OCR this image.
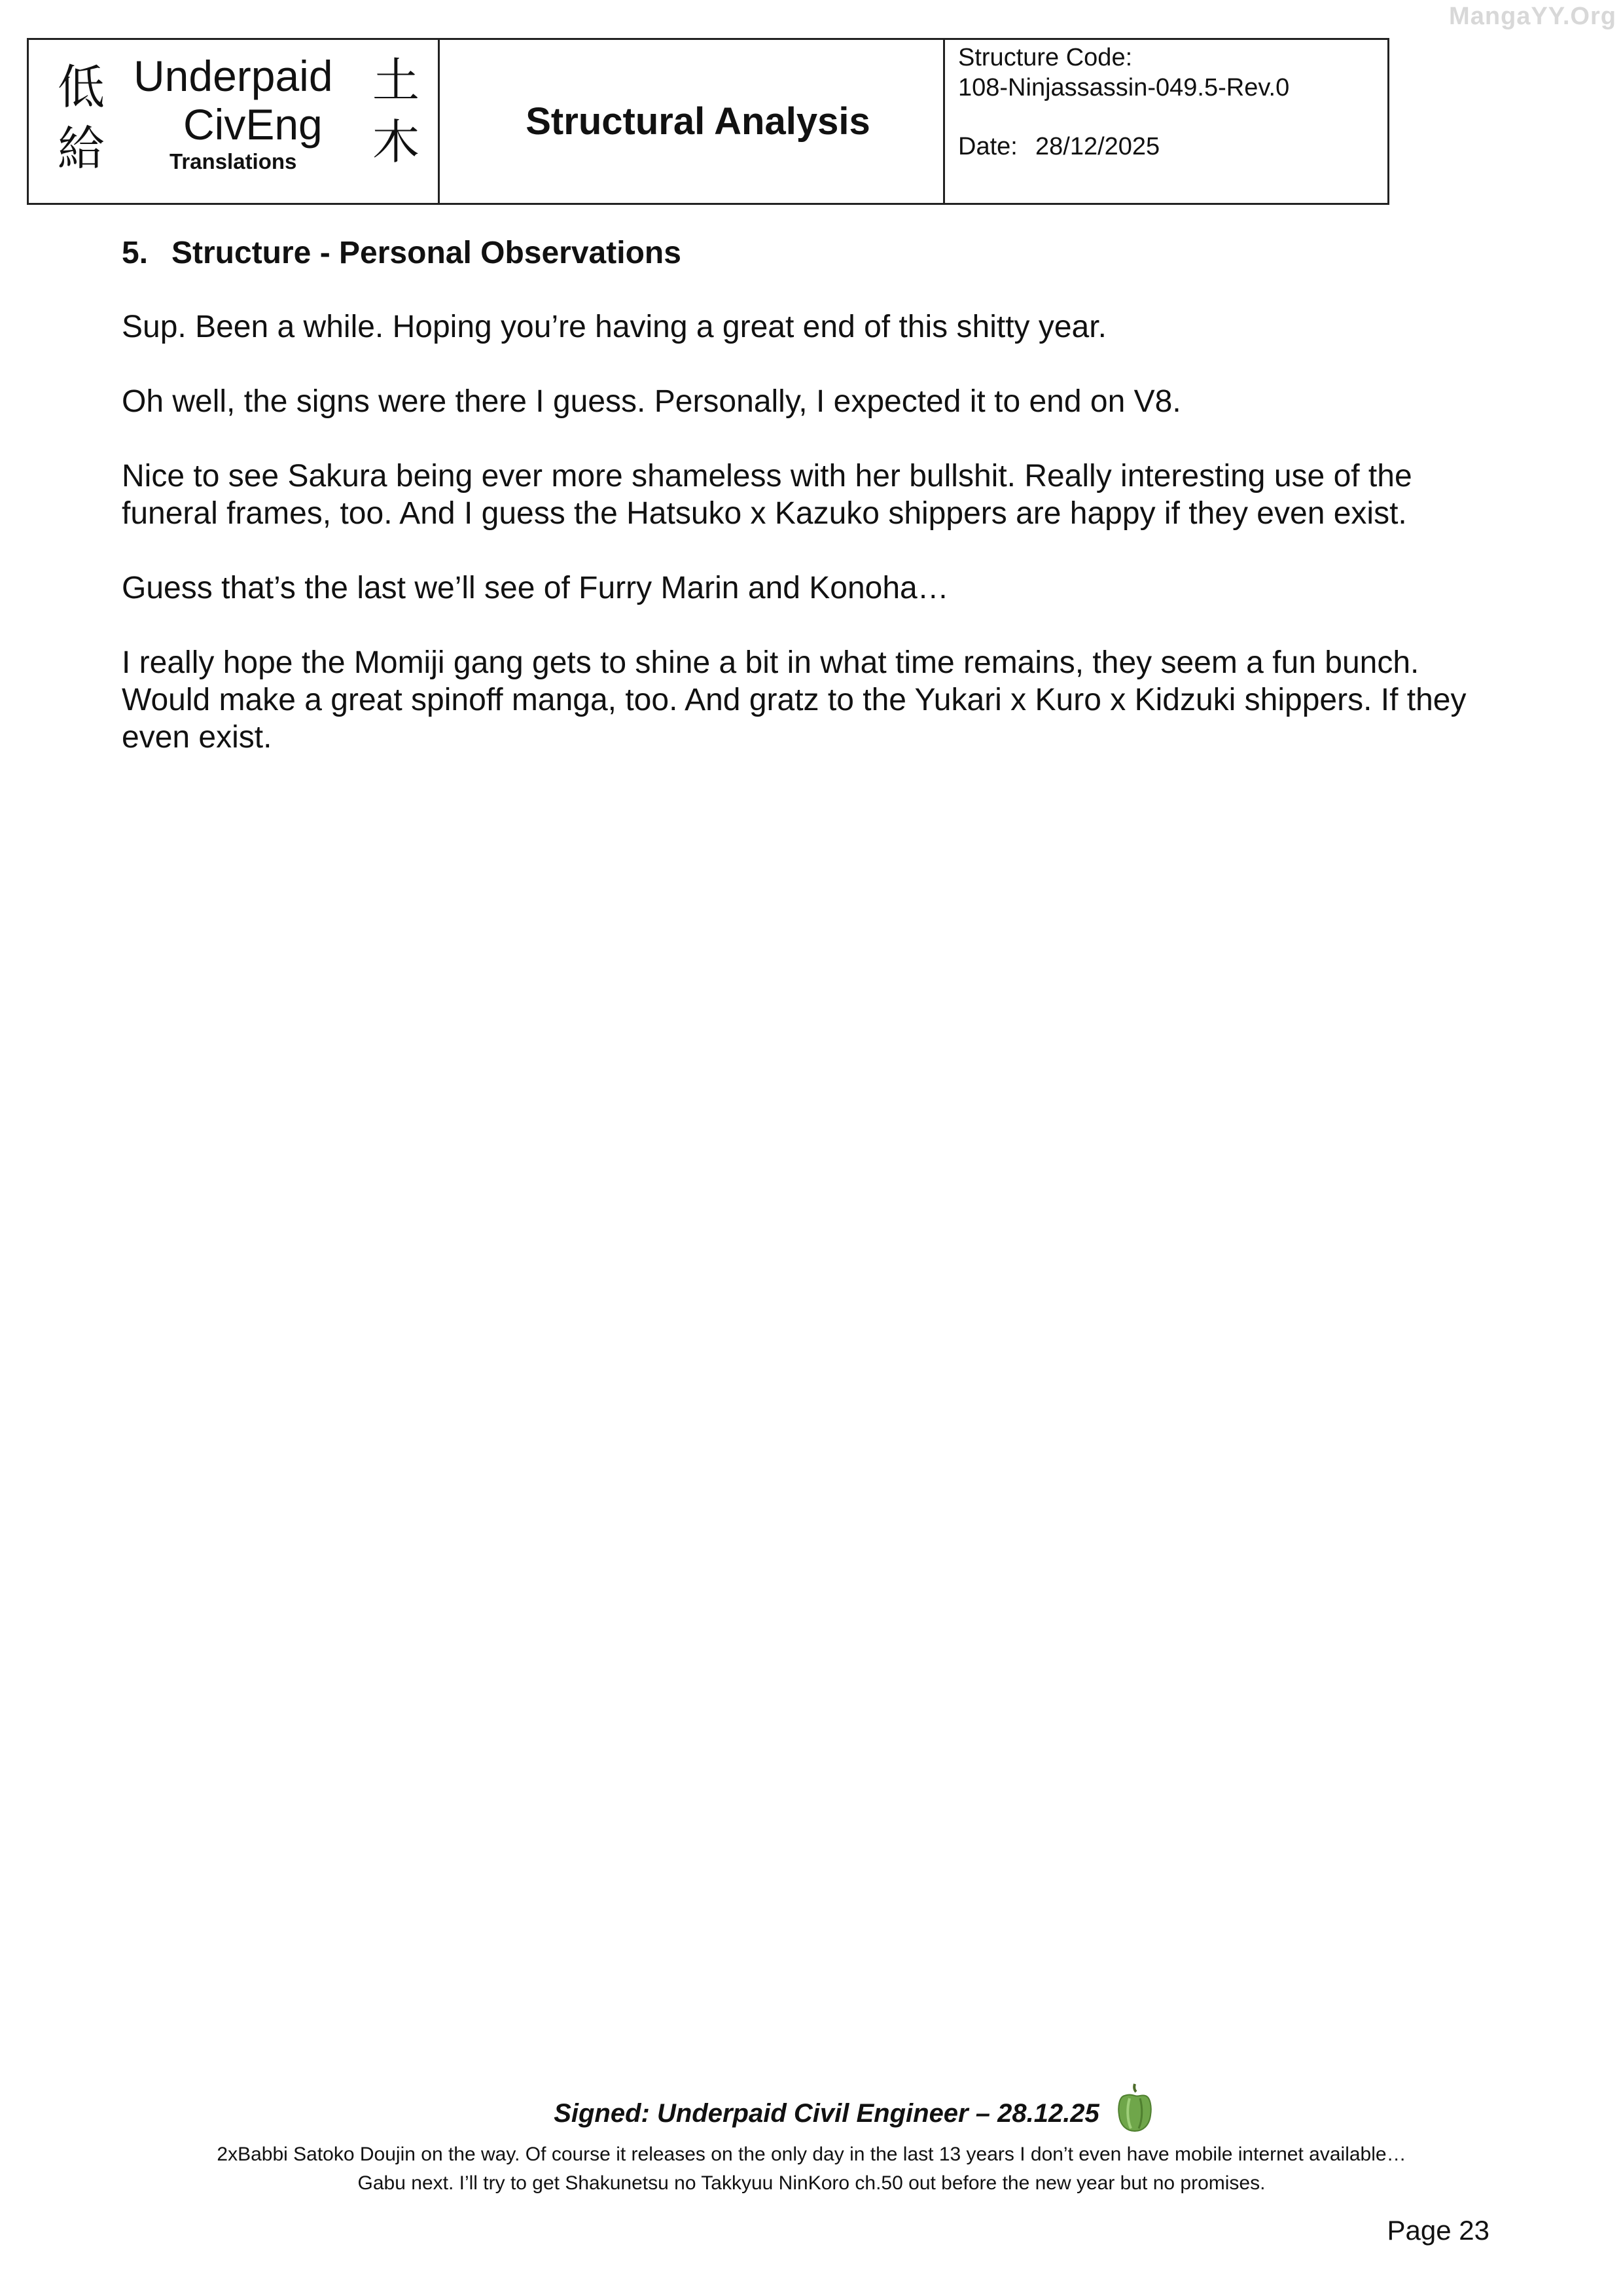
MangaYY.Org
低
給
土
木
Underpaid
CivEng
Translations
Structural Analysis
Structure Code:
108-Ninjassassin-049.5-Rev.0
Date: 28/12/2025
5. Structure - Personal Observations

Sup. Been a while. Hoping you’re having a great end of this shitty year.

Oh well, the signs were there I guess. Personally, I expected it to end on V8.

Nice to see Sakura being ever more shameless with her bullshit. Really interesting use of the funeral frames, too. And I guess the Hatsuko x Kazuko shippers are happy if they even exist.

Guess that’s the last we’ll see of Furry Marin and Konoha…

I really hope the Momiji gang gets to shine a bit in what time remains, they seem a fun bunch. Would make a great spinoff manga, too. And gratz to the Yukari x Kuro x Kidzuki shippers. If they even exist.

Signed: Underpaid Civil Engineer – 28.12.25
2xBabbi Satoko Doujin on the way. Of course it releases on the only day in the last 13 years I don’t even have mobile internet available…
Gabu next. I’ll try to get Shakunetsu no Takkyuu NinKoro ch.50 out before the new year but no promises.
Page 23
